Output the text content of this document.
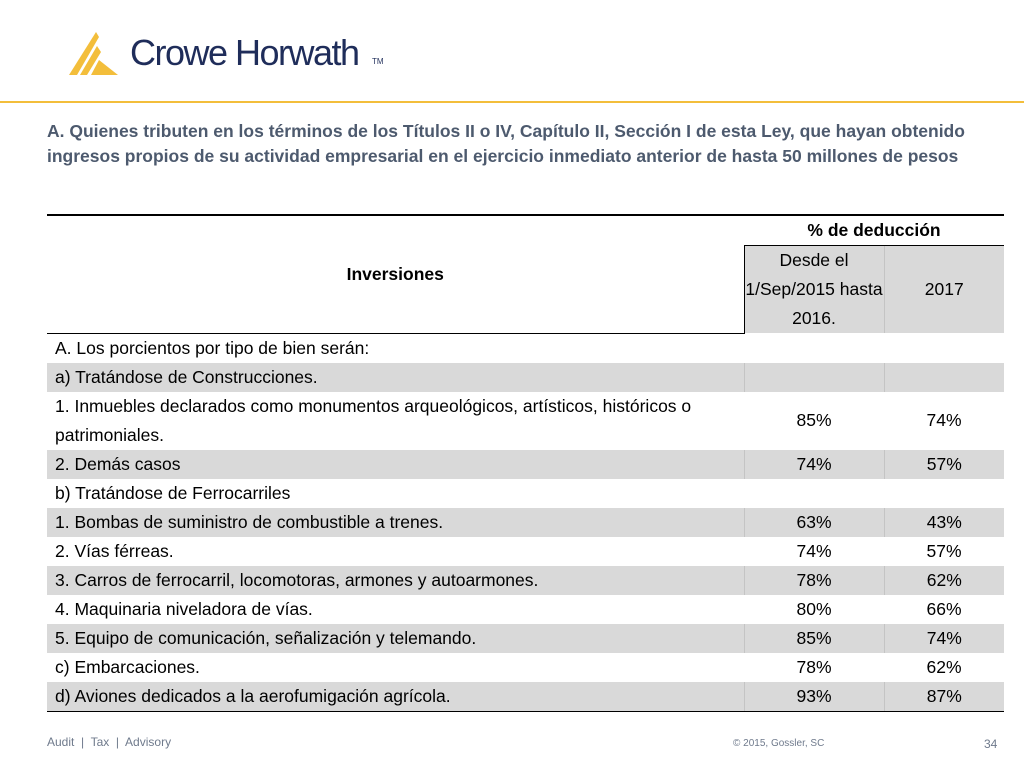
Crowe Horwath TM
A. Quienes tributen en los términos de los Títulos II o IV, Capítulo II, Sección I de esta Ley, que hayan obtenido ingresos propios de su actividad empresarial en el ejercicio inmediato anterior de hasta 50 millones de pesos
Inversiones	% de deducción	
	Desde el 1/Sep/2015 hasta 2016.	2017
A. Los porcientos por tipo de bien serán:		
a) Tratándose de Construcciones.		
1. Inmuebles declarados como monumentos arqueológicos, artísticos, históricos o patrimoniales.	85%	74%
2. Demás casos	74%	57%
b) Tratándose de Ferrocarriles		
1. Bombas de suministro de combustible a trenes.	63%	43%
2. Vías férreas.	74%	57%
3. Carros de ferrocarril, locomotoras, armones y autoarmones.	78%	62%
4. Maquinaria niveladora de vías.	80%	66%
5. Equipo de comunicación, señalización y telemando.	85%	74%
c) Embarcaciones.	78%	62%
d) Aviones dedicados a la aerofumigación agrícola.	93%	87%
Audit  |  Tax  |  Advisory	© 2015, Gossler, SC	34
